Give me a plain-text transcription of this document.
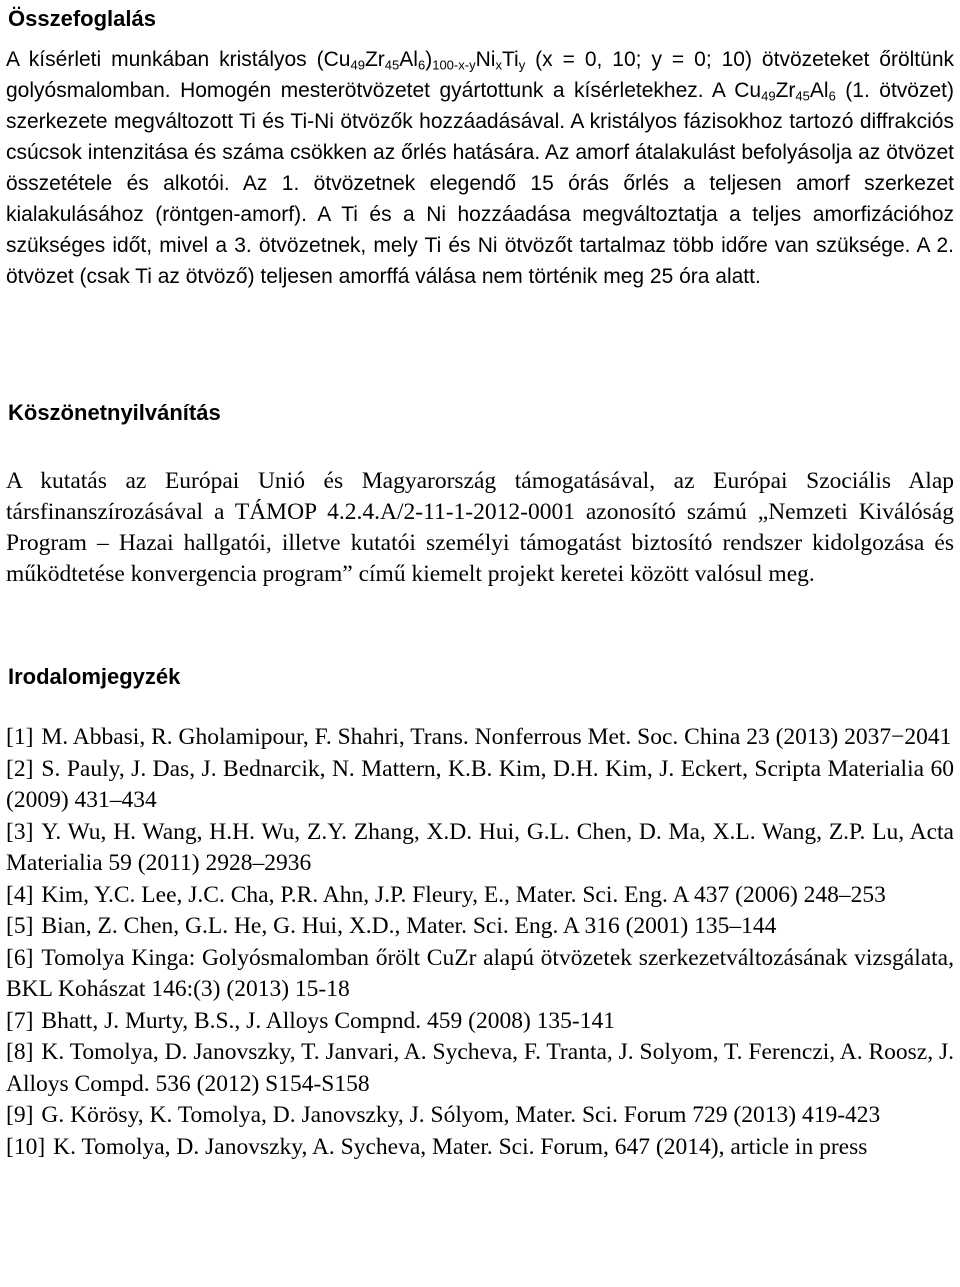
Összefoglalás

A kísérleti munkában kristályos $(Cu_{49}Zr_{45}Al_6)_{100-x-y}Ni_xTi_y$ (x = 0, 10; y = 0; 10) ötvözeteket őröltünk golyósmalomban. Homogén mesterötvözetet gyártottunk a kísérletekhez. A $Cu_{49}Zr_{45}Al_6$ (1. ötvözet) szerkezete megváltozott Ti és Ti-Ni ötvözők hozzáadásával. A kristályos fázisokhoz tartozó diffrakciós csúcsok intenzitása és száma csökken az őrlés hatására. Az amorf átalakulást befolyásolja az ötvözet összetétele és alkotói. Az 1. ötvözetnek elegendő 15 órás őrlés a teljesen amorf szerkezet kialakulásához (röntgen-amorf). A Ti és a Ni hozzáadása megváltoztatja a teljes amorfizációhoz szükséges időt, mivel a 3. ötvözetnek, mely Ti és Ni ötvözőt tartalmaz több időre van szüksége. A 2. ötvözet (csak Ti az ötvöző) teljesen amorffá válása nem történik meg 25 óra alatt.

Köszönetnyilvánítás

A kutatás az Európai Unió és Magyarország támogatásával, az Európai Szociális Alap társfinanszírozásával a TÁMOP 4.2.4.A/2-11-1-2012-0001 azonosító számú „Nemzeti Kiválóság Program – Hazai hallgatói, illetve kutatói személyi támogatást biztosító rendszer kidolgozása és működtetése konvergencia program” című kiemelt projekt keretei között valósul meg.

Irodalomjegyzék
[1] M. Abbasi, R. Gholamipour, F. Shahri, Trans. Nonferrous Met. Soc. China 23 (2013) 2037−2041
[2] S. Pauly, J. Das, J. Bednarcik, N. Mattern, K.B. Kim, D.H. Kim, J. Eckert, Scripta Materialia 60 (2009) 431–434
[3] Y. Wu, H. Wang, H.H. Wu, Z.Y. Zhang, X.D. Hui, G.L. Chen, D. Ma, X.L. Wang, Z.P. Lu, Acta Materialia 59 (2011) 2928–2936
[4] Kim, Y.C. Lee, J.C. Cha, P.R. Ahn, J.P. Fleury, E., Mater. Sci. Eng. A 437 (2006) 248–253
[5] Bian, Z. Chen, G.L. He, G. Hui, X.D., Mater. Sci. Eng. A 316 (2001) 135–144
[6] Tomolya Kinga: Golyósmalomban őrölt CuZr alapú ötvözetek szerkezetváltozásának vizsgálata, BKL Kohászat 146:(3) (2013) 15-18
[7] Bhatt, J. Murty, B.S., J. Alloys Compnd. 459 (2008) 135-141
[8] K. Tomolya, D. Janovszky, T. Janvari, A. Sycheva, F. Tranta, J. Solyom, T. Ferenczi, A. Roosz, J. Alloys Compd. 536 (2012) S154-S158
[9] G. Körösy, K. Tomolya, D. Janovszky, J. Sólyom, Mater. Sci. Forum 729 (2013) 419-423
[10] K. Tomolya, D. Janovszky, A. Sycheva, Mater. Sci. Forum, 647 (2014), article in press
